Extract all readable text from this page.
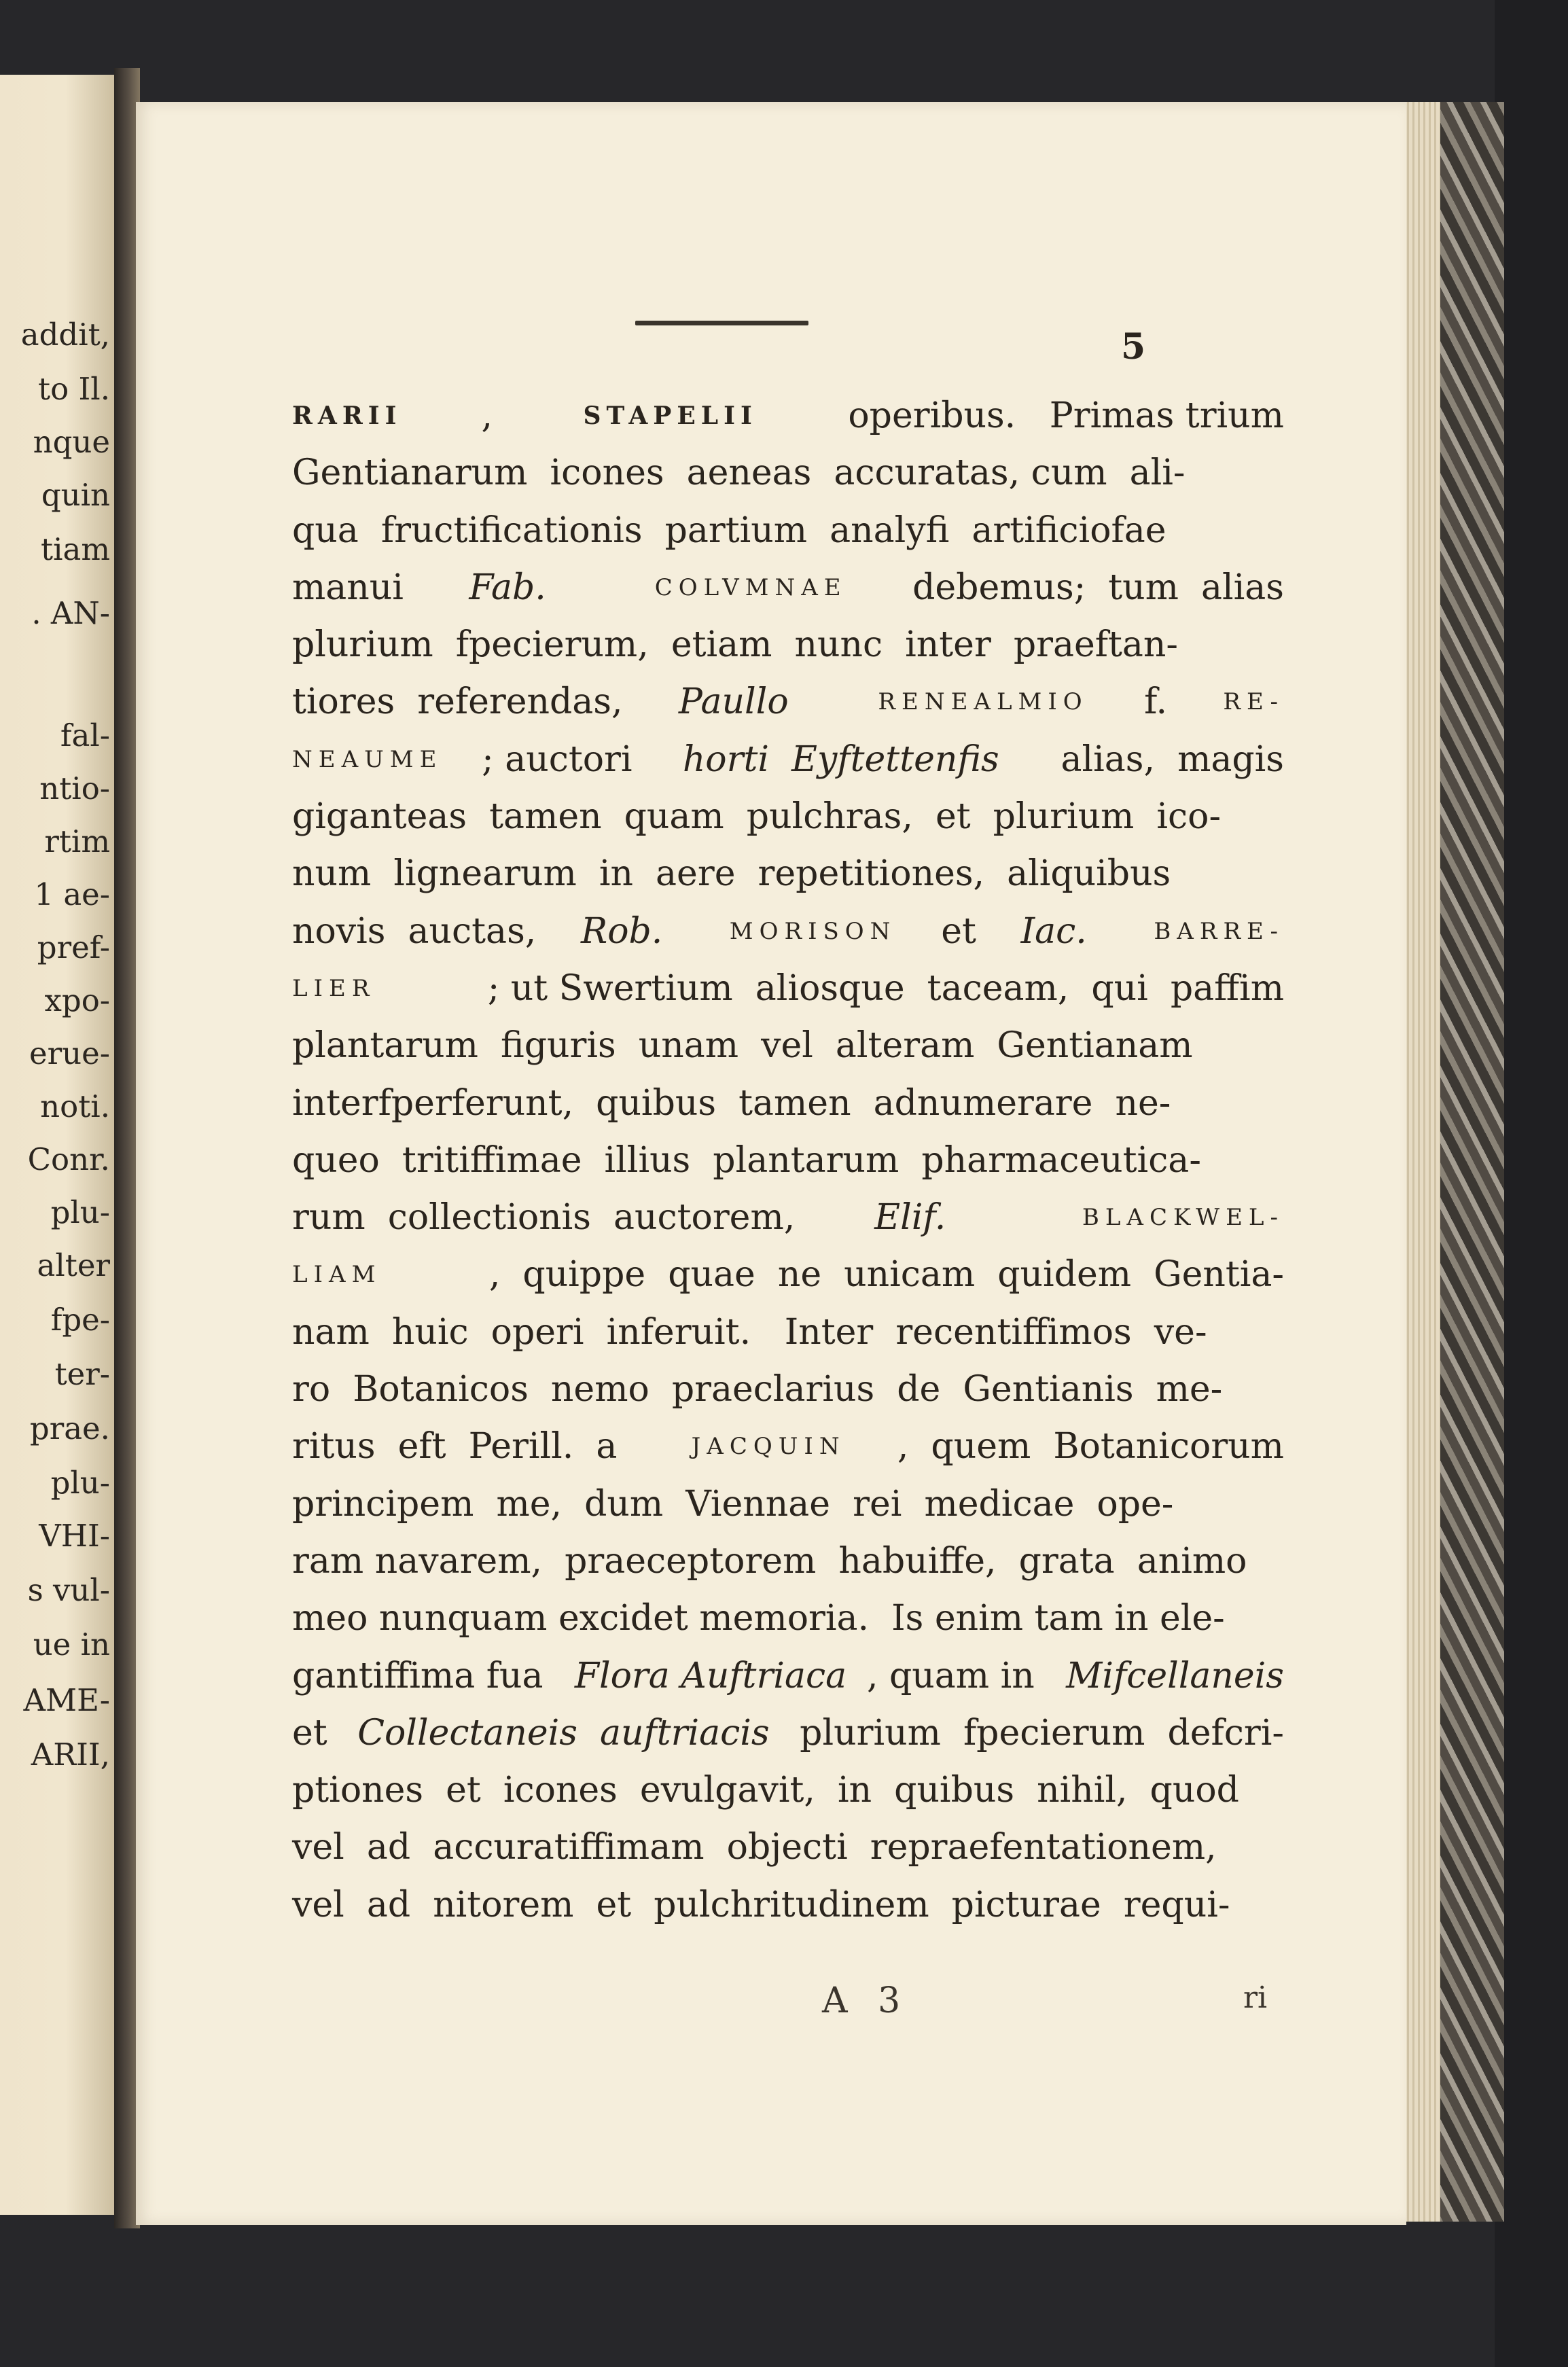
addit,
to Il.
nque
quin
tiam
. AN-
fal-
ntio-
rtim
1 ae-
pref-
xpo-
erue-
noti.
Conr.
plu-
alter
fpe-
ter-
prae.
plu-
VHI-
s vul-
ue in
AME-
ARII,
5
RARII ,	STAPELII operibus.   Primas trium
Gentianarum  icones  aeneas  accuratas, cum  ali-
qua  fructificationis  partium  analyfi  artificiofae
manui Fab.
	COLVMNAE debemus;  tum  alias
plurium  fpecierum,  etiam  nunc  inter  praeftan-
tiores  referendas, Paullo
	RENEALMIO f. RE-
NEAUME ; auctori horti  Eyftettenfis alias,  magis
giganteas  tamen  quam  pulchras,  et  plurium  ico-
num  lignearum  in  aere  repetitiones,  aliquibus
novis  auctas, Rob.
	MORISON et Iac.
	BARRE-
LIER	; ut Swertium  aliosque  taceam,  qui  paffim
plantarum  figuris  unam  vel  alteram  Gentianam
interfperferunt,  quibus  tamen  adnumerare  ne-
queo  tritiffimae  illius  plantarum  pharmaceutica-
rum  collectionis  auctorem, Elif.
	BLACKWEL-
LIAM	,  quippe  quae  ne  unicam  quidem  Gentia-
nam  huic  operi  inferuit.   Inter  recentiffimos  ve-
ro  Botanicos  nemo  praeclarius  de  Gentianis  me-
ritus  eft  Perill.  a JACQUIN ,  quem  Botanicorum
principem  me,  dum  Viennae  rei  medicae  ope-
ram navarem,  praeceptorem  habuiffe,  grata  animo
meo nunquam excidet memoria.  Is enim tam in ele-
gantiffima fua Flora Auftriaca , quam in Mifcellaneis
et Collectaneis  auftriacis plurium  fpecierum  defcri-
ptiones  et  icones  evulgavit,  in  quibus  nihil,  quod
vel  ad  accuratiffimam  objecti  repraefentationem,
vel  ad  nitorem  et  pulchritudinem  picturae  requi-
A 3	ri
